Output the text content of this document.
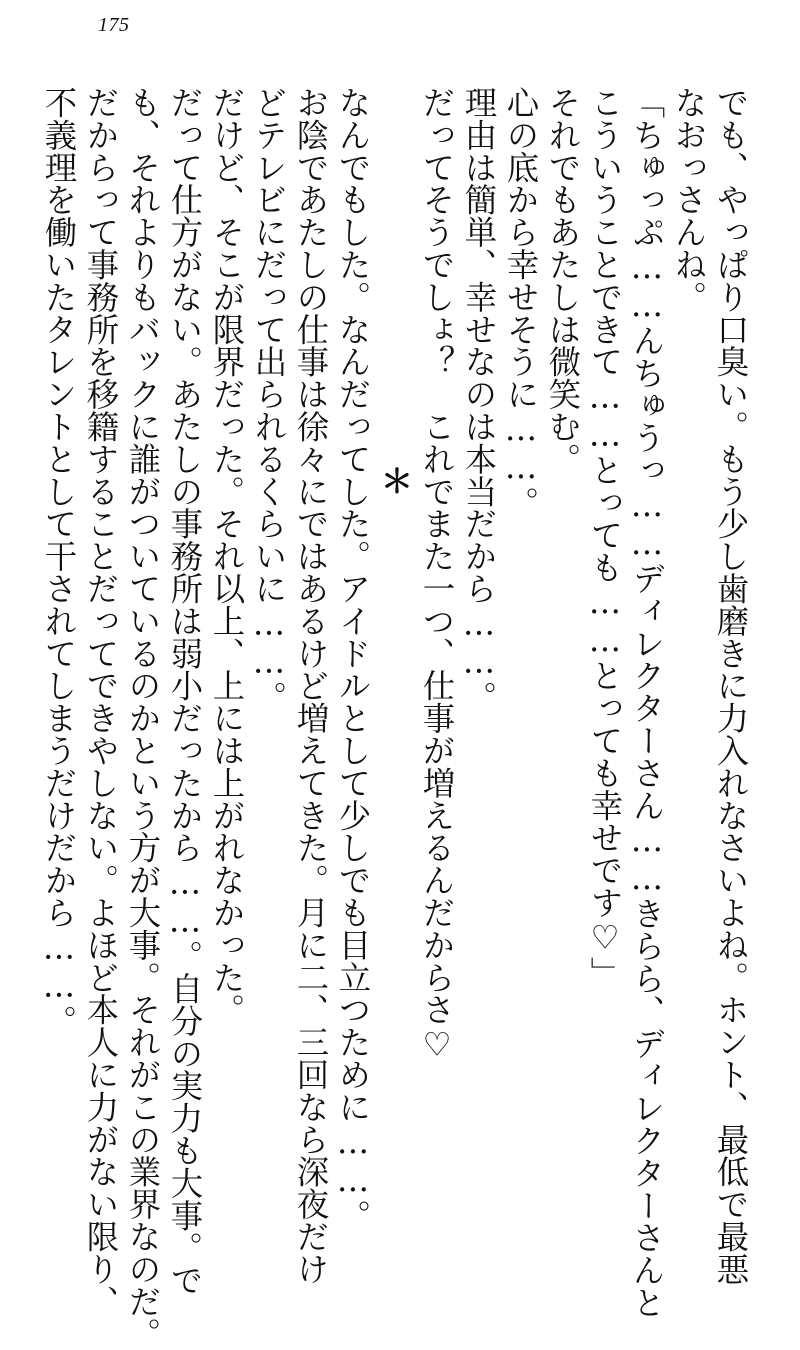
175
でも、やっぱり口臭い。もう少し歯磨きに力入れなさいよね。ホント、最低で最悪
なおっさんね。
「ちゅっぷ……んちゅうっ……ディレクターさん……きらら、ディレクターさんと
こういうことできて……とっても……とっても幸せです♡」
それでもあたしは微笑む。
心の底から幸せそうに……。
理由は簡単、幸せなのは本当だから……。
だってそうでしょ？　これでまた一つ、仕事が増えるんだからさ♡
＊
なんでもした。なんだってした。アイドルとして少しでも目立つために……。
お陰であたしの仕事は徐々にではあるけど増えてきた。月に二、三回なら深夜だけ
どテレビにだって出られるくらいに……。
だけど、そこが限界だった。それ以上、上には上がれなかった。
だって仕方がない。あたしの事務所は弱小だったから……。自分の実力も大事。で
も、それよりもバックに誰がついているのかという方が大事。それがこの業界なのだ。
だからって事務所を移籍することだってできやしない。よほど本人に力がない限り、
不義理を働いたタレントとして干されてしまうだけだから……。
